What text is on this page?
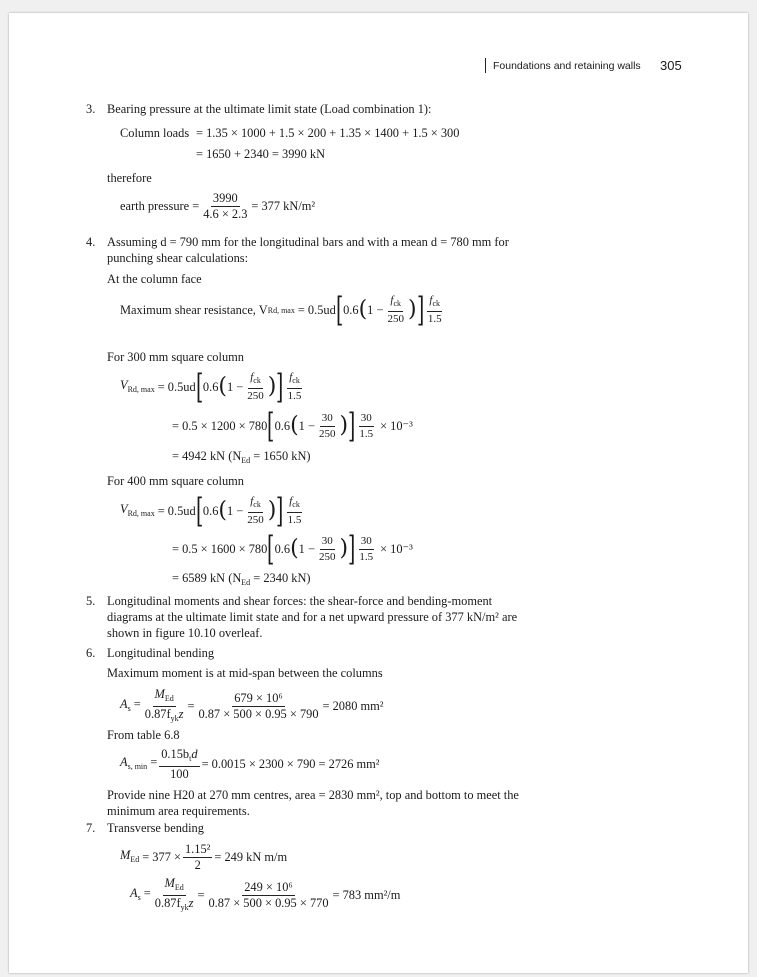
Foundations and retaining walls 305
3. Bearing pressure at the ultimate limit state (Load combination 1):
Column loads = 1.35 × 1000 + 1.5 × 200 + 1.35 × 1400 + 1.5 × 300
= 1650 + 2340 = 3990 kN
therefore
earth pressure = $\frac{3990}{4.6 \times 2.3} = 377$ kN/m²
4. Assuming d = 790 mm for the longitudinal bars and with a mean d = 780 mm for
punching shear calculations:
At the column face
Maximum shear resistance, V Rd, max = 0.5ud [ 0.6 ( $1 - \frac{f_{ck}}{250}$ ) ] $\frac{f_{ck}}{1.5}$
For 300 mm square column
$V_{Rd, max} = 0.5ud$ [ 0.6 ( $1 - \frac{f_{ck}}{250}$ ) ] $\frac{f_{ck}}{1.5}$
= 0.5 × 1200 × 780 [ 0.6 ( $1 - \frac{30}{250}$ ) ] $\frac{30}{1.5} \times 10^{-3}$
= 4942 kN ($N_{Ed} = 1650$ kN)
For 400 mm square column
$V_{Rd, max} = 0.5ud$ [ 0.6 ( $1 - \frac{f_{ck}}{250}$ ) ] $\frac{f_{ck}}{1.5}$
= 0.5 × 1600 × 780 [ 0.6 ( $1 - \frac{30}{250}$ ) ] $\frac{30}{1.5} \times 10^{-3}$
= 6589 kN ($N_{Ed} = 2340$ kN)
5. Longitudinal moments and shear forces: the shear-force and bending-moment
diagrams at the ultimate limit state and for a net upward pressure of 377 kN/m² are
shown in figure 10.10 overleaf.
6. Longitudinal bending
Maximum moment is at mid-span between the columns
$A_s = \frac{M_{Ed}}{0.87f_{yk}z} = \frac{\text{679 × 10⁶}}{0.87 \times 500 \times 0.95 \times 790} = 2080$ mm²
From table 6.8
$A_{s, min} = \frac{0.15b_td}{100} = 0.0015 \times 2300 \times 790 = 2726$ mm²
Provide nine H20 at 270 mm centres, area = 2830 mm², top and bottom to meet the
minimum area requirements.
7. Transverse bending
$M_{Ed} = 377 \times \frac{\text{1.15²}}{2} = 249$ kN m/m
$A_s = \frac{M_{Ed}}{0.87f_{yk}z} = \frac{\text{249 × 10⁶}}{0.87 \times 500 \times 0.95 \times 770} = 783$ mm²/m
